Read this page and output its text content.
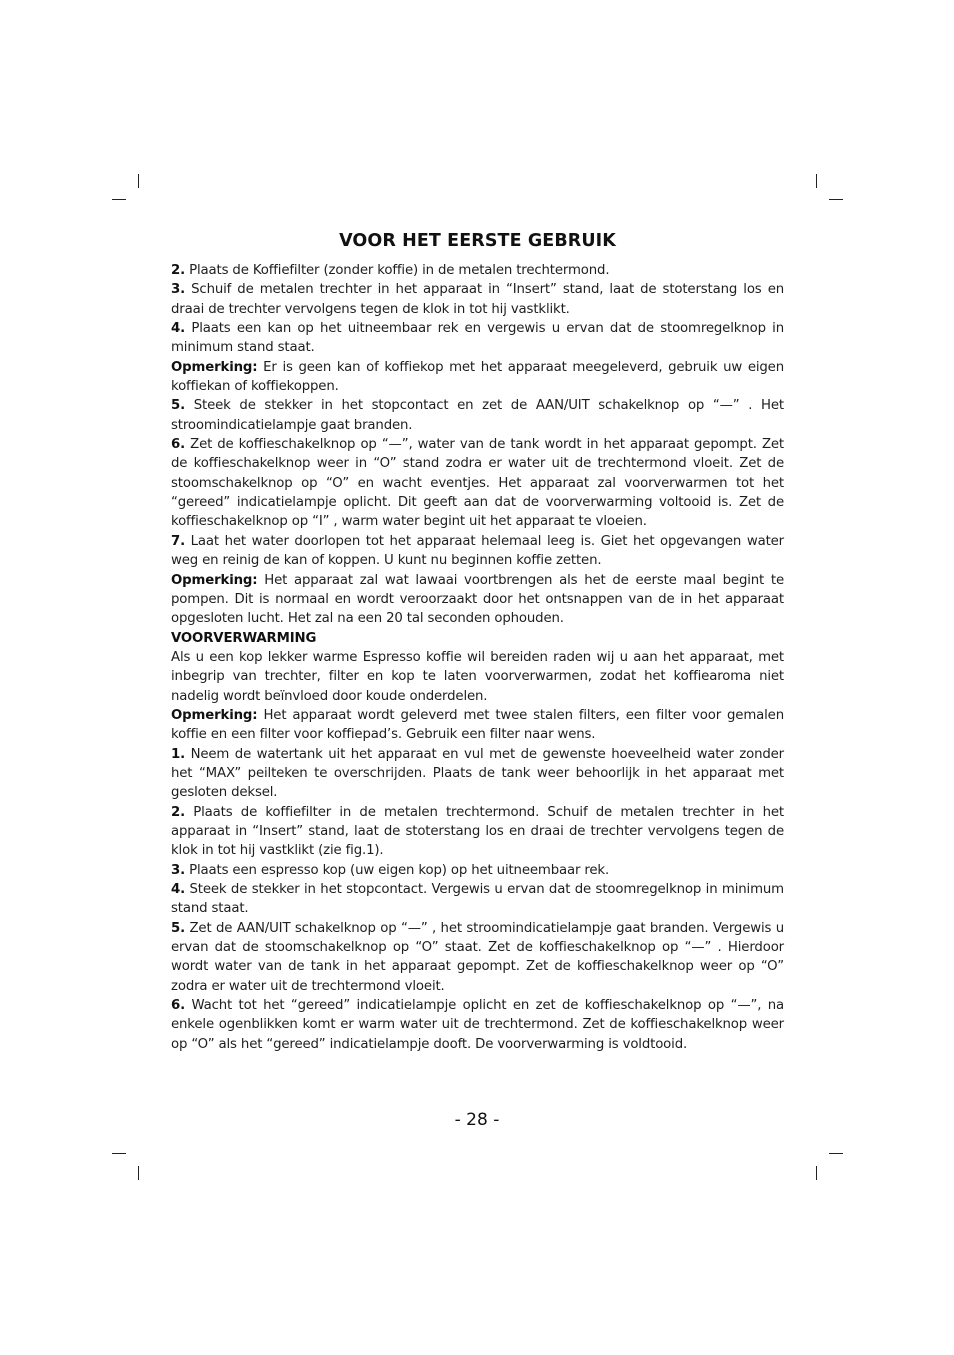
VOOR HET EERSTE GEBRUIK

2. Plaats de Koffiefilter (zonder koffie) in de metalen trechtermond.

3. Schuif de metalen trechter in het apparaat in “Insert” stand, laat de stoterstang los en draai de trechter vervolgens tegen de klok in tot hij vastklikt.

4. Plaats een kan op het uitneembaar rek en vergewis u ervan dat de stoomregelknop in minimum stand staat.

Opmerking: Er is geen kan of koffiekop met het apparaat meegeleverd, gebruik uw eigen koffiekan of koffiekoppen.

5. Steek de stekker in het stopcontact en zet de AAN/UIT schakelknop op “—” . Het stroomindicatielampje gaat branden.

6. Zet de koffieschakelknop op “—”, water van de tank wordt in het apparaat gepompt. Zet de koffieschakelknop weer in “O” stand zodra er water uit de trechtermond vloeit. Zet de stoomschakelknop op “O” en wacht eventjes. Het apparaat zal voorverwarmen tot het “gereed” indicatielampje oplicht. Dit geeft aan dat de voorverwarming voltooid is. Zet de koffieschakelknop op “I” , warm water begint uit het apparaat te vloeien.

7. Laat het water doorlopen tot het apparaat helemaal leeg is. Giet het opgevangen water weg en reinig de kan of koppen. U kunt nu beginnen koffie zetten.

Opmerking: Het apparaat zal wat lawaai voortbrengen als het de eerste maal begint te pompen. Dit is normaal en wordt veroorzaakt door het ontsnappen van de in het apparaat opgesloten lucht. Het zal na een 20 tal seconden ophouden.

VOORVERWARMING

Als u een kop lekker warme Espresso koffie wil bereiden raden wij u aan het apparaat, met inbegrip van trechter, filter en kop te laten voorverwarmen, zodat het koffiearoma niet nadelig wordt beïnvloed door koude onderdelen.

Opmerking: Het apparaat wordt geleverd met twee stalen filters, een filter voor gemalen koffie en een filter voor koffiepad’s. Gebruik een filter naar wens.

1. Neem de watertank uit het apparaat en vul met de gewenste hoeveelheid water zonder het “MAX” peilteken te overschrijden. Plaats de tank weer behoorlijk in het apparaat met gesloten deksel.

2. Plaats de koffiefilter in de metalen trechtermond. Schuif de metalen trechter in het apparaat in “Insert” stand, laat de stoterstang los en draai de trechter vervolgens tegen de klok in tot hij vastklikt (zie fig.1).

3. Plaats een espresso kop (uw eigen kop) op het uitneembaar rek.

4. Steek de stekker in het stopcontact. Vergewis u ervan dat de stoomregelknop in minimum stand staat.

5. Zet de AAN/UIT schakelknop op “—” , het stroomindicatielampje gaat branden. Vergewis u ervan dat de stoomschakelknop op “O” staat. Zet de koffieschakelknop op “—” . Hierdoor wordt water van de tank in het apparaat gepompt. Zet de koffieschakelknop weer op “O” zodra er water uit de trechtermond vloeit.

6. Wacht tot het “gereed” indicatielampje oplicht en zet de koffieschakelknop op “—”, na enkele ogenblikken komt er warm water uit de trechtermond. Zet de koffieschakelknop weer op “O” als het “gereed” indicatielampje dooft. De voorverwarming is voldtooid.

- 28 -
